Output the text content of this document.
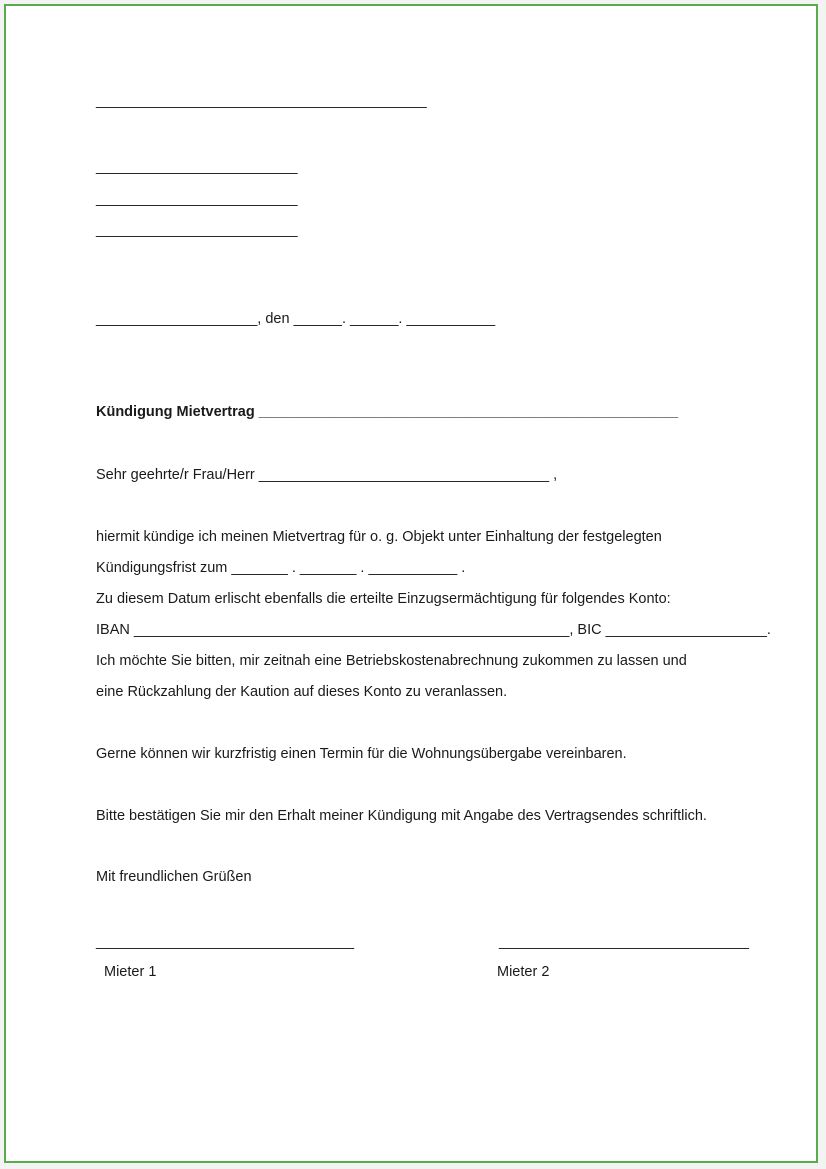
_________________________________________
_________________________
_________________________
_________________________
____________________, den ______. ______. ___________
Kündigung Mietvertrag ____________________________________________________
Sehr geehrte/r Frau/Herr ____________________________________ ,
hiermit kündige ich meinen Mietvertrag für o. g. Objekt unter Einhaltung der festgelegten
Kündigungsfrist zum _______ . _______ . ___________ .
Zu diesem Datum erlischt ebenfalls die erteilte Einzugsermächtigung für folgendes Konto:
IBAN ______________________________________________________, BIC ____________________.
Ich möchte Sie bitten, mir zeitnah eine Betriebskostenabrechnung zukommen zu lassen und
eine Rückzahlung der Kaution auf dieses Konto zu veranlassen.
Gerne können wir kurzfristig einen Termin für die Wohnungsübergabe vereinbaren.
Bitte bestätigen Sie mir den Erhalt meiner Kündigung mit Angabe des Vertragsendes schriftlich.
Mit freundlichen Grüßen
________________________________
Mieter 1
_______________________________
Mieter 2
